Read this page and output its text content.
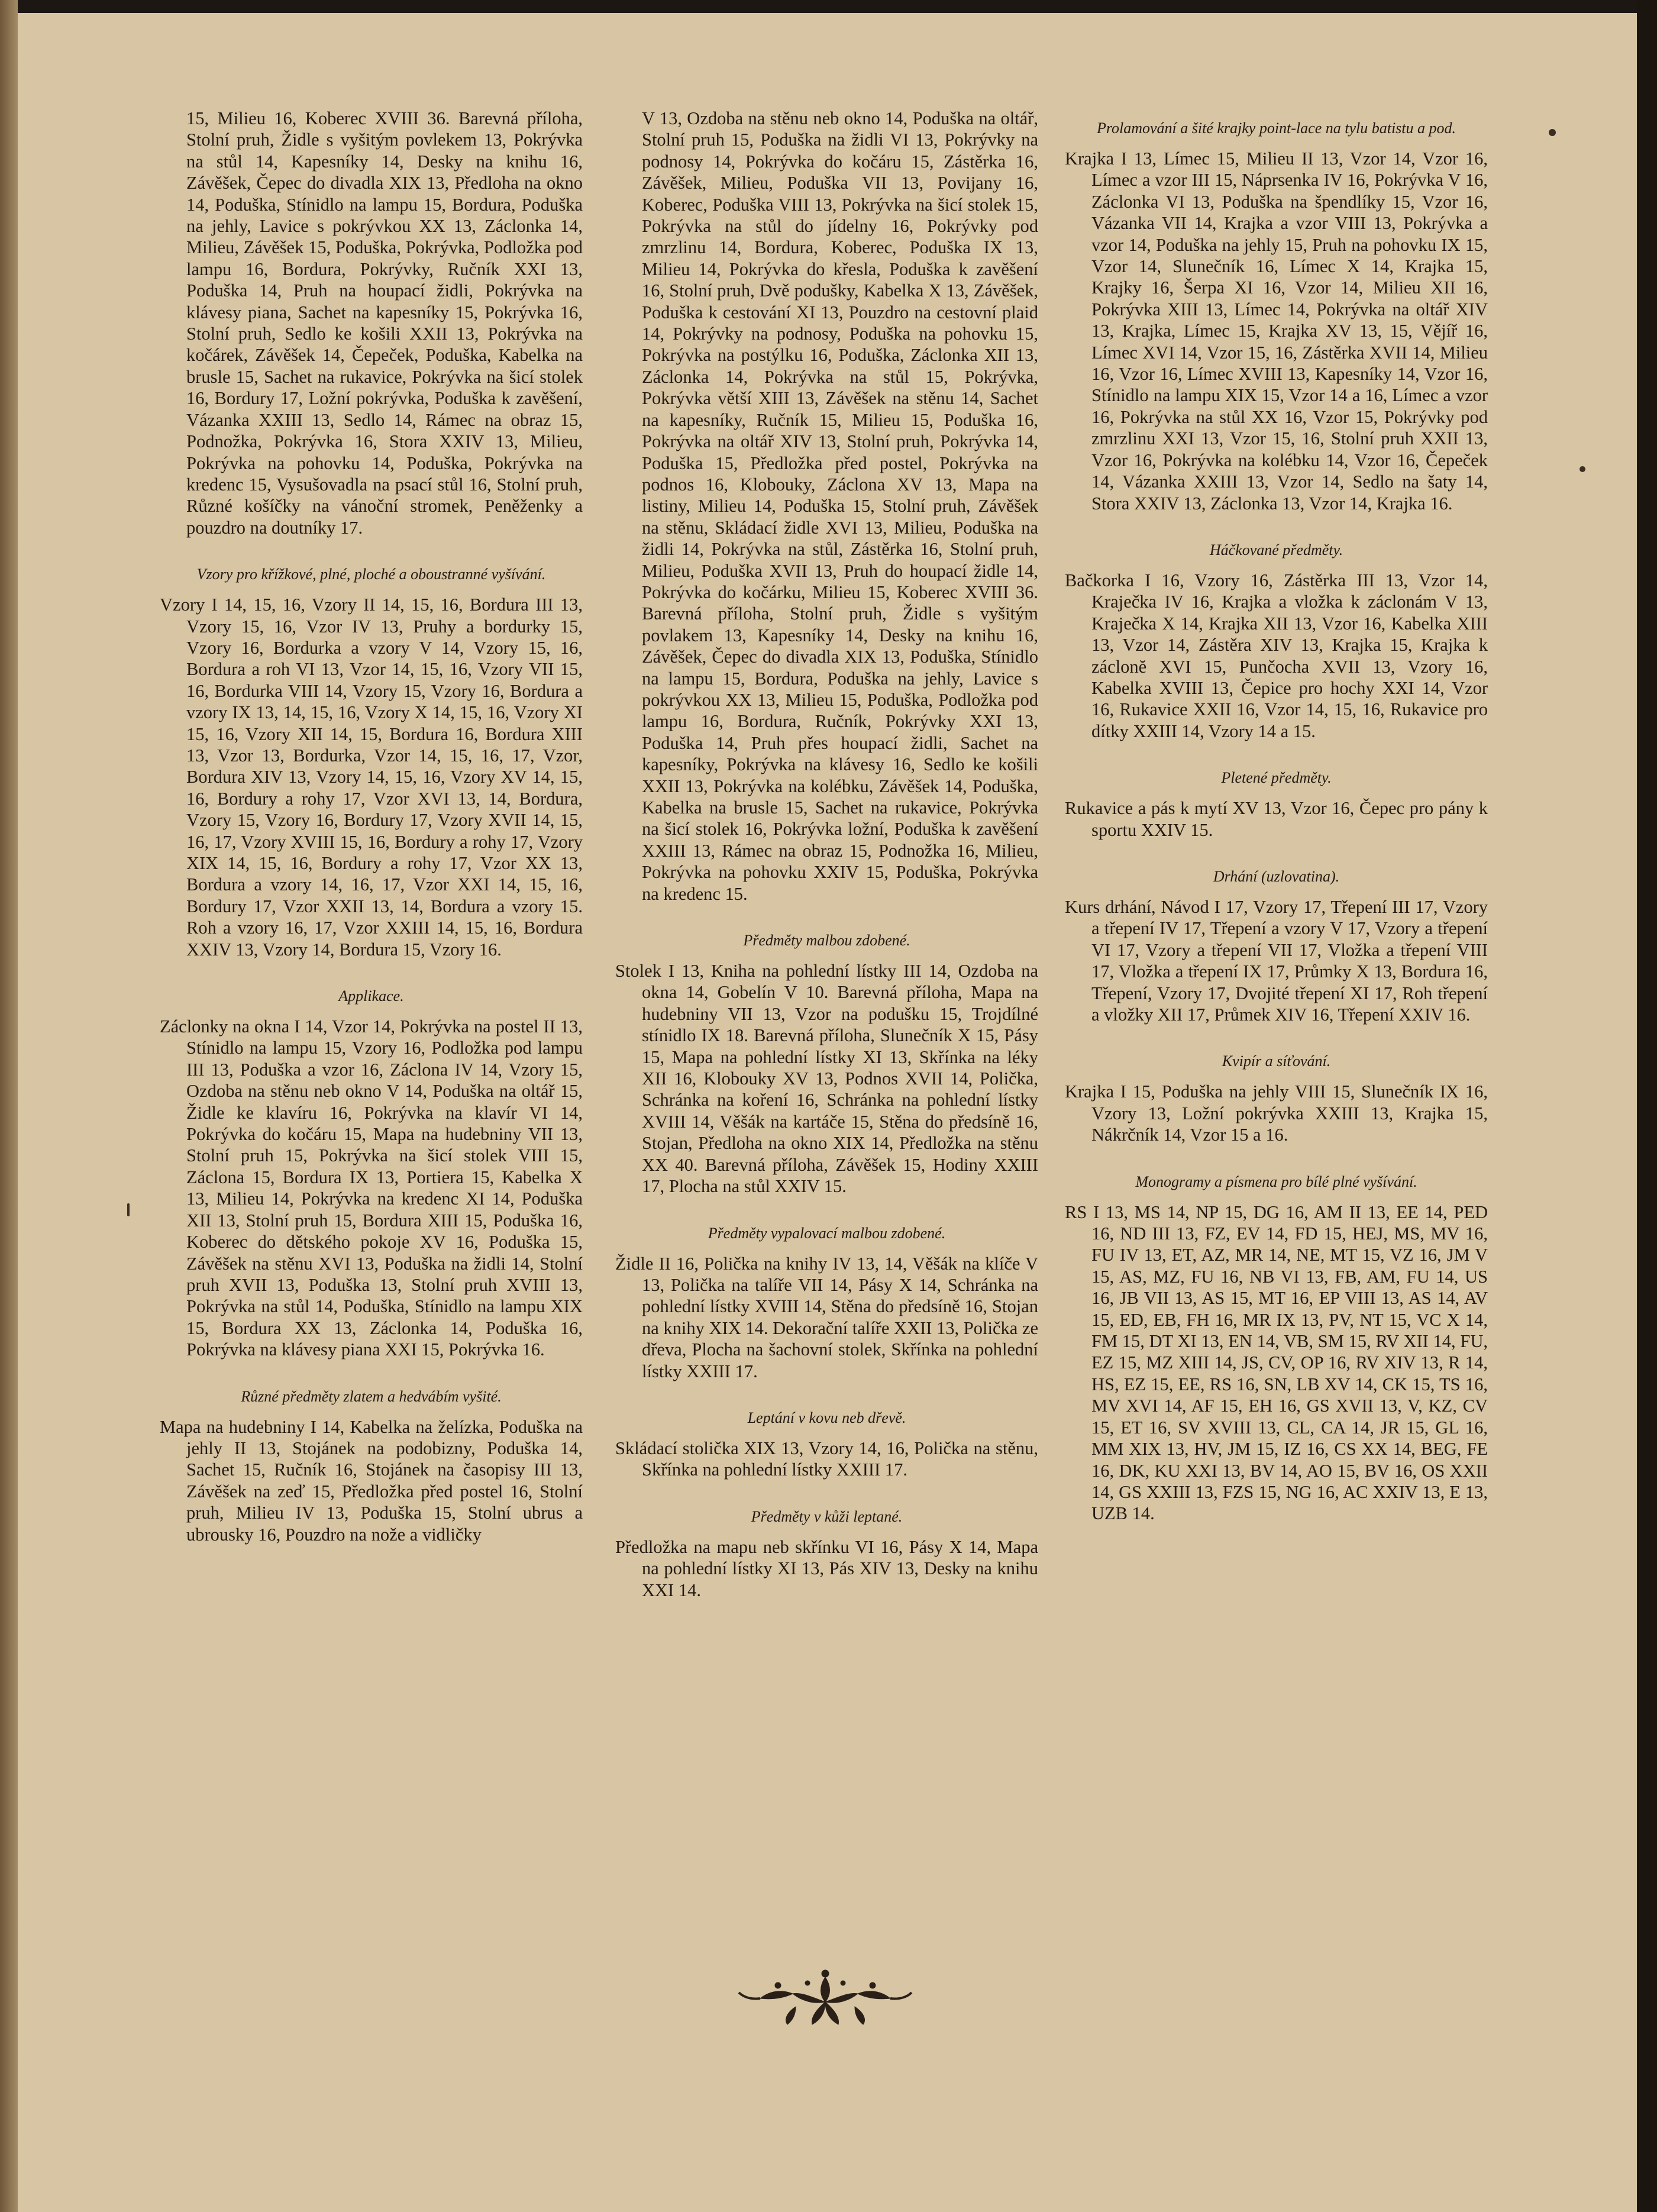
15, Milieu 16, Koberec XVIII 36. Barevná příloha, Stolní pruh, Židle s vyšitým povlekem 13, Pokrývka na stůl 14, Kapesníky 14, Desky na knihu 16, Závěšek, Čepec do divadla XIX 13, Předloha na okno 14, Poduška, Stínidlo na lampu 15, Bordura, Poduška na jehly, Lavice s pokrývkou XX 13, Záclonka 14, Milieu, Závěšek 15, Poduška, Pokrývka, Podložka pod lampu 16, Bordura, Pokrývky, Ručník XXI 13, Poduška 14, Pruh na houpací židli, Pokrývka na klávesy piana, Sachet na kapesníky 15, Pokrývka 16, Stolní pruh, Sedlo ke košili XXII 13, Pokrývka na kočárek, Závěšek 14, Čepeček, Poduška, Kabelka na brusle 15, Sachet na rukavice, Pokrývka na šicí stolek 16, Bordury 17, Ložní pokrývka, Poduška k zavěšení, Vázanka XXIII 13, Sedlo 14, Rámec na obraz 15, Podnožka, Pokrývka 16, Stora XXIV 13, Milieu, Pokrývka na pohovku 14, Poduška, Pokrývka na kredenc 15, Vysušovadla na psací stůl 16, Stolní pruh, Různé košíčky na vánoční stromek, Peněženky a pouzdro na doutníky 17.

Vzory pro křížkové, plné, ploché a oboustranné vyšívání.

Vzory I 14, 15, 16, Vzory II 14, 15, 16, Bordura III 13, Vzory 15, 16, Vzor IV 13, Pruhy a bordurky 15, Vzory 16, Bordurka a vzory V 14, Vzory 15, 16, Bordura a roh VI 13, Vzor 14, 15, 16, Vzory VII 15, 16, Bordurka VIII 14, Vzory 15, Vzory 16, Bordura a vzory IX 13, 14, 15, 16, Vzory X 14, 15, 16, Vzory XI 15, 16, Vzory XII 14, 15, Bordura 16, Bordura XIII 13, Vzor 13, Bordurka, Vzor 14, 15, 16, 17, Vzor, Bordura XIV 13, Vzory 14, 15, 16, Vzory XV 14, 15, 16, Bordury a rohy 17, Vzor XVI 13, 14, Bordura, Vzory 15, Vzory 16, Bordury 17, Vzory XVII 14, 15, 16, 17, Vzory XVIII 15, 16, Bordury a rohy 17, Vzory XIX 14, 15, 16, Bordury a rohy 17, Vzor XX 13, Bordura a vzory 14, 16, 17, Vzor XXI 14, 15, 16, Bordury 17, Vzor XXII 13, 14, Bordura a vzory 15. Roh a vzory 16, 17, Vzor XXIII 14, 15, 16, Bordura XXIV 13, Vzory 14, Bordura 15, Vzory 16.

Applikace.

Záclonky na okna I 14, Vzor 14, Pokrývka na postel II 13, Stínidlo na lampu 15, Vzory 16, Podložka pod lampu III 13, Poduška a vzor 16, Záclona IV 14, Vzory 15, Ozdoba na stěnu neb okno V 14, Poduška na oltář 15, Židle ke klavíru 16, Pokrývka na klavír VI 14, Pokrývka do kočáru 15, Mapa na hudebniny VII 13, Stolní pruh 15, Pokrývka na šicí stolek VIII 15, Záclona 15, Bordura IX 13, Portiera 15, Kabelka X 13, Milieu 14, Pokrývka na kredenc XI 14, Poduška XII 13, Stolní pruh 15, Bordura XIII 15, Poduška 16, Koberec do dětského pokoje XV 16, Poduška 15, Závěšek na stěnu XVI 13, Poduška na židli 14, Stolní pruh XVII 13, Poduška 13, Stolní pruh XVIII 13, Pokrývka na stůl 14, Poduška, Stínidlo na lampu XIX 15, Bordura XX 13, Záclonka 14, Poduška 16, Pokrývka na klávesy piana XXI 15, Pokrývka 16.

Různé předměty zlatem a hedvábím vyšité.

Mapa na hudebniny I 14, Kabelka na želízka, Poduška na jehly II 13, Stojánek na podobizny, Poduška 14, Sachet 15, Ručník 16, Stojánek na časopisy III 13, Závěšek na zeď 15, Předložka před postel 16, Stolní pruh, Milieu IV 13, Poduška 15, Stolní ubrus a ubrousky 16, Pouzdro na nože a vidličky

V 13, Ozdoba na stěnu neb okno 14, Poduška na oltář, Stolní pruh 15, Poduška na židli VI 13, Pokrývky na podnosy 14, Pokrývka do kočáru 15, Zástěrka 16, Závěšek, Milieu, Poduška VII 13, Povijany 16, Koberec, Poduška VIII 13, Pokrývka na šicí stolek 15, Pokrývka na stůl do jídelny 16, Pokrývky pod zmrzlinu 14, Bordura, Koberec, Poduška IX 13, Milieu 14, Pokrývka do křesla, Poduška k zavěšení 16, Stolní pruh, Dvě podušky, Kabelka X 13, Závěšek, Poduška k cestování XI 13, Pouzdro na cestovní plaid 14, Pokrývky na podnosy, Poduška na pohovku 15, Pokrývka na postýlku 16, Poduška, Záclonka XII 13, Záclonka 14, Pokrývka na stůl 15, Pokrývka, Pokrývka větší XIII 13, Závěšek na stěnu 14, Sachet na kapesníky, Ručník 15, Milieu 15, Poduška 16, Pokrývka na oltář XIV 13, Stolní pruh, Pokrývka 14, Poduška 15, Předložka před postel, Pokrývka na podnos 16, Klobouky, Záclona XV 13, Mapa na listiny, Milieu 14, Poduška 15, Stolní pruh, Závěšek na stěnu, Skládací židle XVI 13, Milieu, Poduška na židli 14, Pokrývka na stůl, Zástěrka 16, Stolní pruh, Milieu, Poduška XVII 13, Pruh do houpací židle 14, Pokrývka do kočárku, Milieu 15, Koberec XVIII 36. Barevná příloha, Stolní pruh, Židle s vyšitým povlakem 13, Kapesníky 14, Desky na knihu 16, Závěšek, Čepec do divadla XIX 13, Poduška, Stínidlo na lampu 15, Bordura, Poduška na jehly, Lavice s pokrývkou XX 13, Milieu 15, Poduška, Podložka pod lampu 16, Bordura, Ručník, Pokrývky XXI 13, Poduška 14, Pruh přes houpací židli, Sachet na kapesníky, Pokrývka na klávesy 16, Sedlo ke košili XXII 13, Pokrývka na kolébku, Závěšek 14, Poduška, Kabelka na brusle 15, Sachet na rukavice, Pokrývka na šicí stolek 16, Pokrývka ložní, Poduška k zavěšení XXIII 13, Rámec na obraz 15, Podnožka 16, Milieu, Pokrývka na pohovku XXIV 15, Poduška, Pokrývka na kredenc 15.

Předměty malbou zdobené.

Stolek I 13, Kniha na pohlední lístky III 14, Ozdoba na okna 14, Gobelín V 10. Barevná příloha, Mapa na hudebniny VII 13, Vzor na podušku 15, Trojdílné stínidlo IX 18. Barevná příloha, Slunečník X 15, Pásy 15, Mapa na pohlední lístky XI 13, Skřínka na léky XII 16, Klobouky XV 13, Podnos XVII 14, Polička, Schránka na koření 16, Schránka na pohlední lístky XVIII 14, Věšák na kartáče 15, Stěna do předsíně 16, Stojan, Předloha na okno XIX 14, Předložka na stěnu XX 40. Barevná příloha, Závěšek 15, Hodiny XXIII 17, Plocha na stůl XXIV 15.

Předměty vypalovací malbou zdobené.

Židle II 16, Polička na knihy IV 13, 14, Věšák na klíče V 13, Polička na talíře VII 14, Pásy X 14, Schránka na pohlední lístky XVIII 14, Stěna do předsíně 16, Stojan na knihy XIX 14. Dekorační talíře XXII 13, Polička ze dřeva, Plocha na šachovní stolek, Skřínka na pohlední lístky XXIII 17.

Leptání v kovu neb dřevě.

Skládací stolička XIX 13, Vzory 14, 16, Polička na stěnu, Skřínka na pohlední lístky XXIII 17.

Předměty v kůži leptané.

Předložka na mapu neb skřínku VI 16, Pásy X 14, Mapa na pohlední lístky XI 13, Pás XIV 13, Desky na knihu XXI 14.

Prolamování a šité krajky point-lace na tylu batistu a pod.

Krajka I 13, Límec 15, Milieu II 13, Vzor 14, Vzor 16, Límec a vzor III 15, Náprsenka IV 16, Pokrývka V 16, Záclonka VI 13, Poduška na špendlíky 15, Vzor 16, Vázanka VII 14, Krajka a vzor VIII 13, Pokrývka a vzor 14, Poduška na jehly 15, Pruh na pohovku IX 15, Vzor 14, Slunečník 16, Límec X 14, Krajka 15, Krajky 16, Šerpa XI 16, Vzor 14, Milieu XII 16, Pokrývka XIII 13, Límec 14, Pokrývka na oltář XIV 13, Krajka, Límec 15, Krajka XV 13, 15, Vějíř 16, Límec XVI 14, Vzor 15, 16, Zástěrka XVII 14, Milieu 16, Vzor 16, Límec XVIII 13, Kapesníky 14, Vzor 16, Stínidlo na lampu XIX 15, Vzor 14 a 16, Límec a vzor 16, Pokrývka na stůl XX 16, Vzor 15, Pokrývky pod zmrzlinu XXI 13, Vzor 15, 16, Stolní pruh XXII 13, Vzor 16, Pokrývka na kolébku 14, Vzor 16, Čepeček 14, Vázanka XXIII 13, Vzor 14, Sedlo na šaty 14, Stora XXIV 13, Záclonka 13, Vzor 14, Krajka 16.

Háčkované předměty.

Bačkorka I 16, Vzory 16, Zástěrka III 13, Vzor 14, Kraječka IV 16, Krajka a vložka k záclonám V 13, Kraječka X 14, Krajka XII 13, Vzor 16, Kabelka XIII 13, Vzor 14, Zástěra XIV 13, Krajka 15, Krajka k záclonĕ XVI 15, Punčocha XVII 13, Vzory 16, Kabelka XVIII 13, Čepice pro hochy XXI 14, Vzor 16, Rukavice XXII 16, Vzor 14, 15, 16, Rukavice pro dítky XXIII 14, Vzory 14 a 15.

Pletené předměty.

Rukavice a pás k mytí XV 13, Vzor 16, Čepec pro pány k sportu XXIV 15.

Drhání (uzlovatina).

Kurs drhání, Návod I 17, Vzory 17, Třepení III 17, Vzory a třepení IV 17, Třepení a vzory V 17, Vzory a třepení VI 17, Vzory a třepení VII 17, Vložka a třepení VIII 17, Vložka a třepení IX 17, Průmky X 13, Bordura 16, Třepení, Vzory 17, Dvojité třepení XI 17, Roh třepení a vložky XII 17, Průmek XIV 16, Třepení XXIV 16.

Kvipír a síťování.

Krajka I 15, Poduška na jehly VIII 15, Slunečník IX 16, Vzory 13, Ložní pokrývka XXIII 13, Krajka 15, Nákrčník 14, Vzor 15 a 16.

Monogramy a písmena pro bílé plné vyšívání.

RS I 13, MS 14, NP 15, DG 16, AM II 13, EE 14, PED 16, ND III 13, FZ, EV 14, FD 15, HEJ, MS, MV 16, FU IV 13, ET, AZ, MR 14, NE, MT 15, VZ 16, JM V 15, AS, MZ, FU 16, NB VI 13, FB, AM, FU 14, US 16, JB VII 13, AS 15, MT 16, EP VIII 13, AS 14, AV 15, ED, EB, FH 16, MR IX 13, PV, NT 15, VC X 14, FM 15, DT XI 13, EN 14, VB, SM 15, RV XII 14, FU, EZ 15, MZ XIII 14, JS, CV, OP 16, RV XIV 13, R 14, HS, EZ 15, EE, RS 16, SN, LB XV 14, CK 15, TS 16, MV XVI 14, AF 15, EH 16, GS XVII 13, V, KZ, CV 15, ET 16, SV XVIII 13, CL, CA 14, JR 15, GL 16, MM XIX 13, HV, JM 15, IZ 16, CS XX 14, BEG, FE 16, DK, KU XXI 13, BV 14, AO 15, BV 16, OS XXII 14, GS XXIII 13, FZS 15, NG 16, AC XXIV 13, E 13, UZB 14.
